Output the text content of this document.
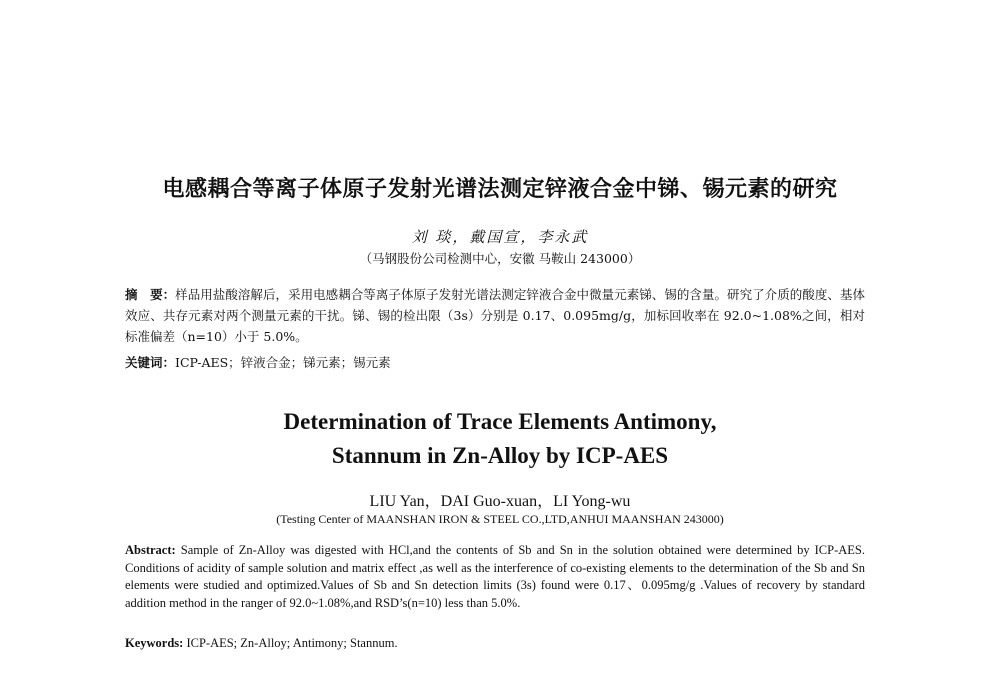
电感耦合等离子体原子发射光谱法测定锌液合金中锑、锡元素的研究
刘 琰，戴国宣，李永武
（马钢股份公司检测中心，安徽 马鞍山 243000）
摘　要：样品用盐酸溶解后，采用电感耦合等离子体原子发射光谱法测定锌液合金中微量元素锑、锡的含量。研究了介质的酸度、基体效应、共存元素对两个测量元素的干扰。锑、锡的检出限（3s）分别是 0.17、0.095mg/g，加标回收率在 92.0~1.08%之间，相对标准偏差（n=10）小于 5.0%。
关键词：ICP-AES；锌液合金；锑元素；锡元素
Determination of Trace Elements Antimony,
Stannum in Zn-Alloy by ICP-AES
LIU Yan，DAI Guo-xuan，LI Yong-wu
(Testing Center of MAANSHAN IRON & STEEL CO.,LTD,ANHUI MAANSHAN 243000)
Abstract: Sample of Zn-Alloy was digested with HCl,and the contents of Sb and Sn in the solution obtained were determined by ICP-AES. Conditions of acidity of sample solution and matrix effect ,as well as the interference of co-existing elements to the determination of the Sb and Sn elements were studied and optimized.Values of Sb and Sn detection limits (3s) found were 0.17、0.095mg/g .Values of recovery by standard addition method in the ranger of 92.0~1.08%,and RSD’s(n=10) less than 5.0%.
Keywords: ICP-AES; Zn-Alloy; Antimony; Stannum.
